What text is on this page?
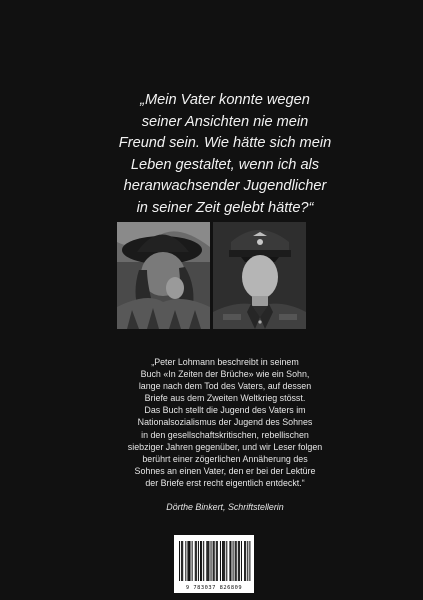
„Mein Vater konnte wegen
seiner Ansichten nie mein
Freund sein. Wie hätte sich mein
Leben gestaltet, wenn ich als
heranwachsender Jugendlicher
in seiner Zeit gelebt hätte?“
„Peter Lohmann beschreibt in seinem
Buch «In Zeiten der Brüche» wie ein Sohn,
lange nach dem Tod des Vaters, auf dessen
Briefe aus dem Zweiten Weltkrieg stösst.
Das Buch stellt die Jugend des Vaters im
Nationalsozialismus der Jugend des Sohnes
in den gesellschaftskritischen, rebellischen
siebziger Jahren gegenüber, und wir Leser folgen
berührt einer zögerlichen Annäherung des
Sohnes an einen Vater, den er bei der Lektüre
der Briefe erst recht eigentlich entdeckt.“
Dörthe Binkert, Schriftstellerin
9 783037 826809
